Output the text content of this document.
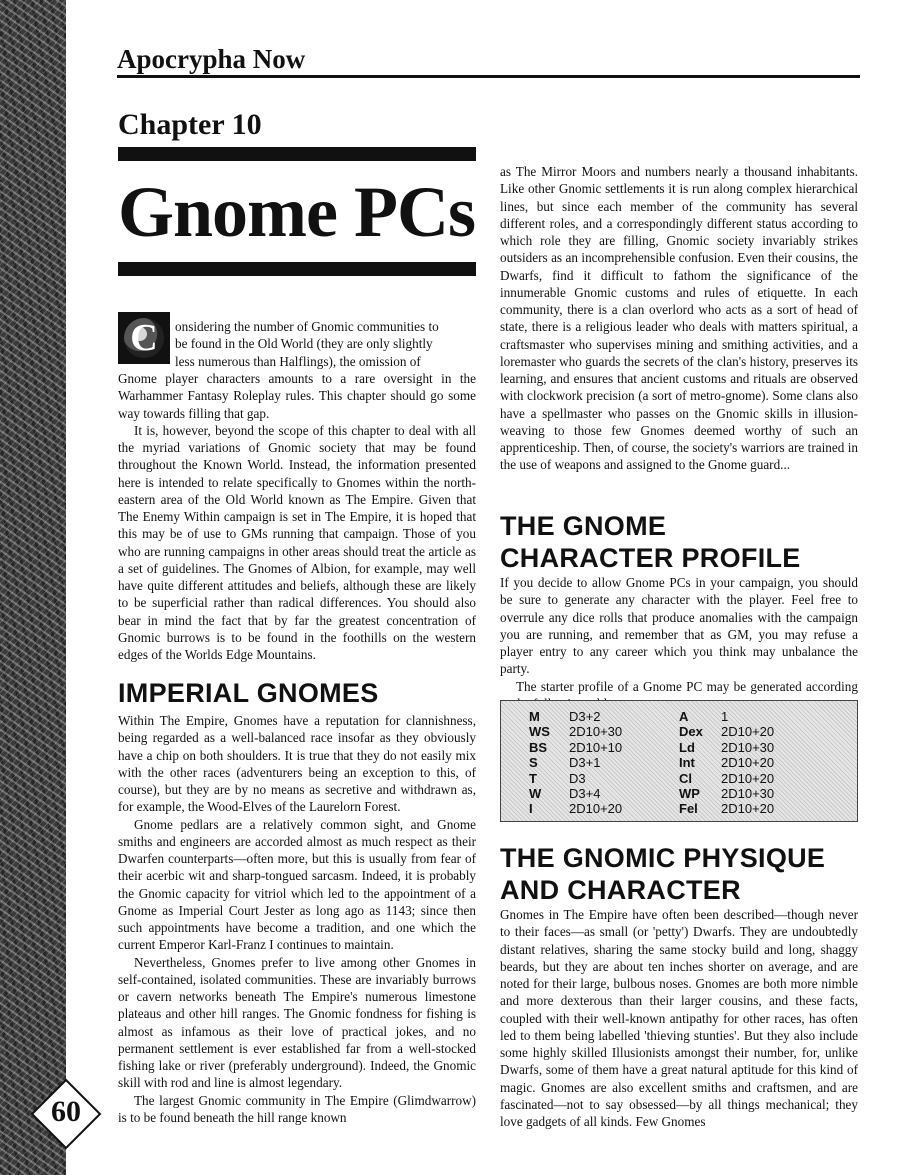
Apocrypha Now
Chapter 10
Gnome PCs
C	onsidering the number of Gnomic communities to
be found in the Old World (they are only slightly
less numerous than Halflings), the omission of

Gnome player characters amounts to a rare oversight in the Warhammer Fantasy Roleplay rules. This chapter should go some way towards filling that gap.

It is, however, beyond the scope of this chapter to deal with all the myriad variations of Gnomic society that may be found throughout the Known World. Instead, the information presented here is intended to relate specifically to Gnomes within the north-eastern area of the Old World known as The Empire. Given that The Enemy Within campaign is set in The Empire, it is hoped that this may be of use to GMs running that campaign. Those of you who are running campaigns in other areas should treat the article as a set of guidelines. The Gnomes of Albion, for example, may well have quite different attitudes and beliefs, although these are likely to be superficial rather than radical differences. You should also bear in mind the fact that by far the greatest concentration of Gnomic burrows is to be found in the foothills on the western edges of the Worlds Edge Mountains.

IMPERIAL GNOMES

Within The Empire, Gnomes have a reputation for clannishness, being regarded as a well-balanced race insofar as they obviously have a chip on both shoulders. It is true that they do not easily mix with the other races (adventurers being an exception to this, of course), but they are by no means as secretive and withdrawn as, for example, the Wood-Elves of the Laurelorn Forest.

Gnome pedlars are a relatively common sight, and Gnome smiths and engineers are accorded almost as much respect as their Dwarfen counterparts—often more, but this is usually from fear of their acerbic wit and sharp-tongued sarcasm. Indeed, it is probably the Gnomic capacity for vitriol which led to the appointment of a Gnome as Imperial Court Jester as long ago as 1143; since then such appointments have become a tradition, and one which the current Emperor Karl-Franz I continues to maintain.

Nevertheless, Gnomes prefer to live among other Gnomes in self-contained, isolated communities. These are invariably burrows or cavern networks beneath The Empire's numerous limestone plateaus and other hill ranges. The Gnomic fondness for fishing is almost as infamous as their love of practical jokes, and no permanent settlement is ever established far from a well-stocked fishing lake or river (preferably underground). Indeed, the Gnomic skill with rod and line is almost legendary.

The largest Gnomic community in The Empire (Glimdwarrow) is to be found beneath the hill range known

as The Mirror Moors and numbers nearly a thousand inhabitants. Like other Gnomic settlements it is run along complex hierarchical lines, but since each member of the community has several different roles, and a correspondingly different status according to which role they are filling, Gnomic society invariably strikes outsiders as an incomprehensible confusion. Even their cousins, the Dwarfs, find it difficult to fathom the significance of the innumerable Gnomic customs and rules of etiquette. In each community, there is a clan overlord who acts as a sort of head of state, there is a religious leader who deals with matters spiritual, a craftsmaster who supervises mining and smithing activities, and a loremaster who guards the secrets of the clan's history, preserves its learning, and ensures that ancient customs and rituals are observed with clockwork precision (a sort of metro-gnome). Some clans also have a spellmaster who passes on the Gnomic skills in illusion-weaving to those few Gnomes deemed worthy of such an apprenticeship. Then, of course, the society's warriors are trained in the use of weapons and assigned to the Gnome guard...

THE GNOME
CHARACTER PROFILE

If you decide to allow Gnome PCs in your campaign, you should be sure to generate any character with the player. Feel free to overrule any dice rolls that produce anomalies with the campaign you are running, and remember that as GM, you may refuse a player entry to any career which you think may unbalance the party.

The starter profile of a Gnome PC may be generated according

M	D3+2	A	1
WS	2D10+30	Dex	2D10+20
BS	2D10+10	Ld	2D10+30
S	D3+1	Int	2D10+20
T	D3	Cl	2D10+20
W	D3+4	WP	2D10+30
I	2D10+20	Fel	2D10+20
THE GNOMIC PHYSIQUE
AND CHARACTER

Gnomes in The Empire have often been described—though never to their faces—as small (or 'petty') Dwarfs. They are undoubtedly distant relatives, sharing the same stocky build and long, shaggy beards, but they are about ten inches shorter on average, and are noted for their large, bulbous noses. Gnomes are both more nimble and more dexterous than their larger cousins, and these facts, coupled with their well-known antipathy for other races, has often led to them being labelled 'thieving stunties'. But they also include some highly skilled Illusionists amongst their number, for, unlike Dwarfs, some of them have a great natural aptitude for this kind of magic. Gnomes are also excellent smiths and craftsmen, and are fascinated—not to say obsessed—by all things mechanical; they love gadgets of all kinds. Few Gnomes

60
